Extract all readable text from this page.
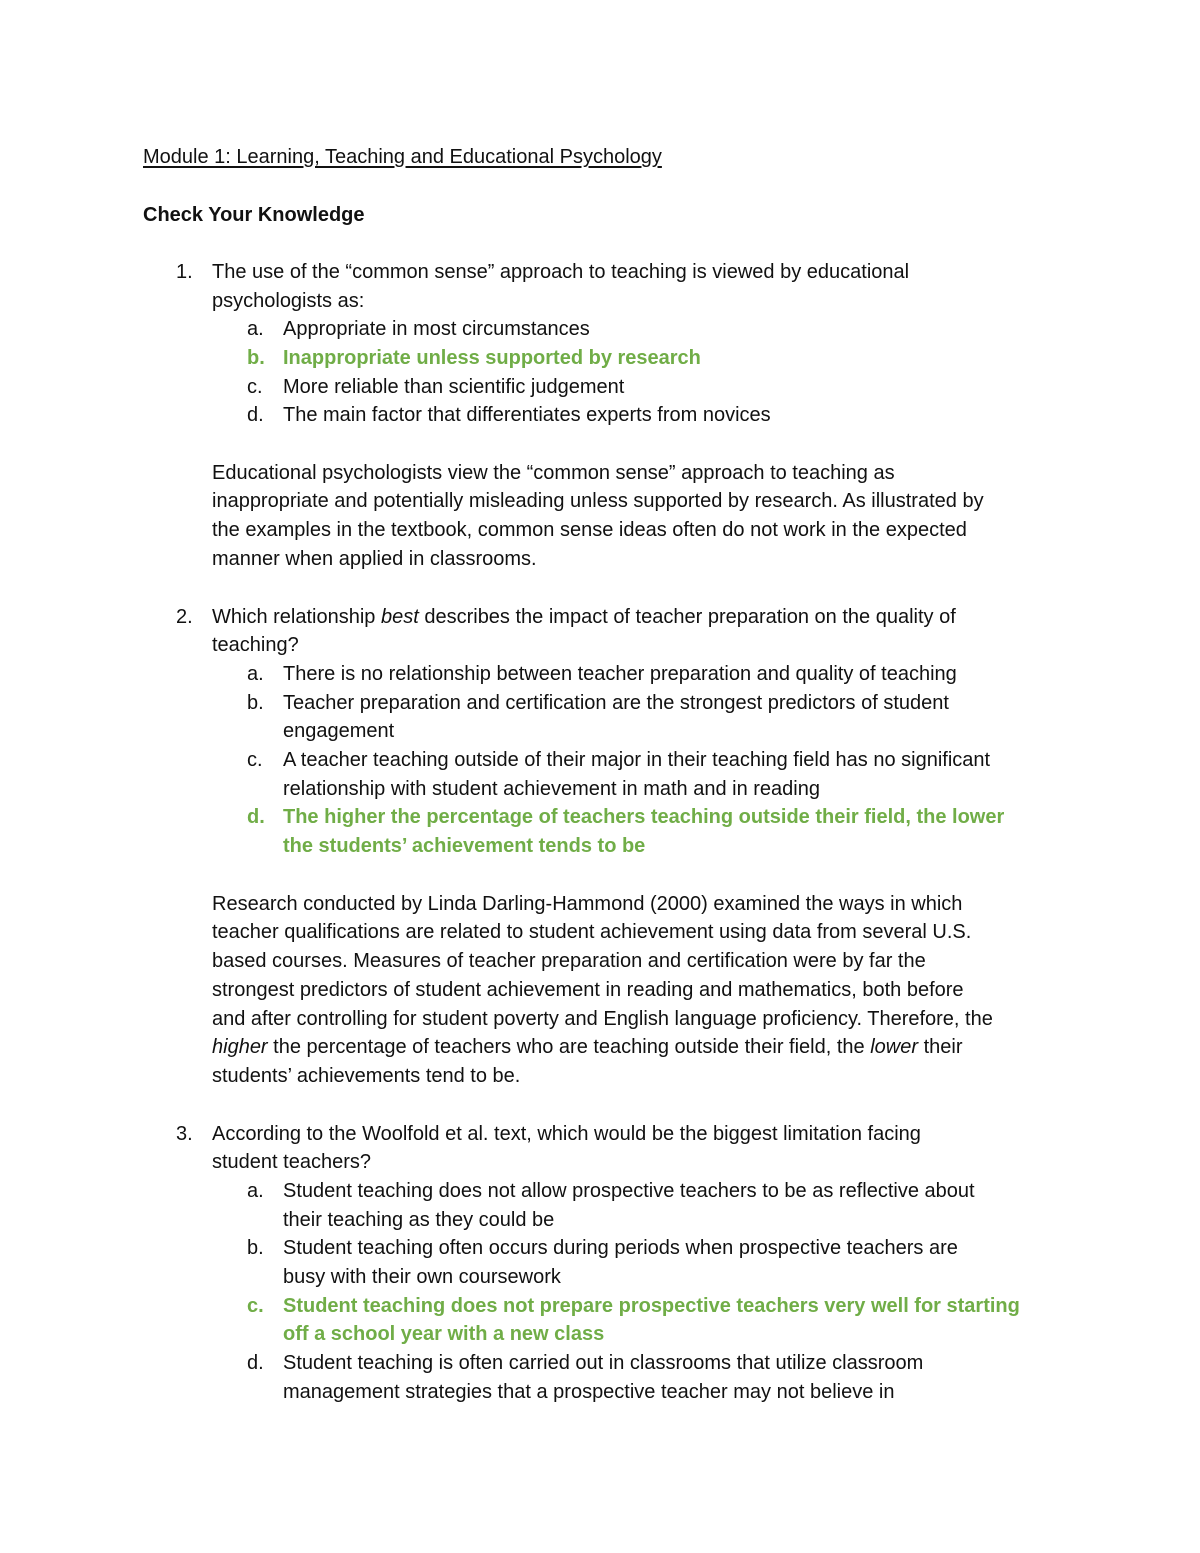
Module 1: Learning, Teaching and Educational Psychology
Check Your Knowledge
1. The use of the “common sense” approach to teaching is viewed by educational
psychologists as:
a. Appropriate in most circumstances
b. Inappropriate unless supported by research
c. More reliable than scientific judgement
d. The main factor that differentiates experts from novices
Educational psychologists view the “common sense” approach to teaching as
inappropriate and potentially misleading unless supported by research. As illustrated by
the examples in the textbook, common sense ideas often do not work in the expected
manner when applied in classrooms.
2. Which relationship best describes the impact of teacher preparation on the quality of
teaching?
a. There is no relationship between teacher preparation and quality of teaching
b. Teacher preparation and certification are the strongest predictors of student
engagement
c. A teacher teaching outside of their major in their teaching field has no significant
relationship with student achievement in math and in reading
d. The higher the percentage of teachers teaching outside their field, the lower
the students’ achievement tends to be
Research conducted by Linda Darling-Hammond (2000) examined the ways in which
teacher qualifications are related to student achievement using data from several U.S.
based courses. Measures of teacher preparation and certification were by far the
strongest predictors of student achievement in reading and mathematics, both before
and after controlling for student poverty and English language proficiency. Therefore, the
higher the percentage of teachers who are teaching outside their field, the lower their
students’ achievements tend to be.
3. According to the Woolfold et al. text, which would be the biggest limitation facing
student teachers?
a. Student teaching does not allow prospective teachers to be as reflective about
their teaching as they could be
b. Student teaching often occurs during periods when prospective teachers are
busy with their own coursework
c. Student teaching does not prepare prospective teachers very well for starting
off a school year with a new class
d. Student teaching is often carried out in classrooms that utilize classroom
management strategies that a prospective teacher may not believe in
